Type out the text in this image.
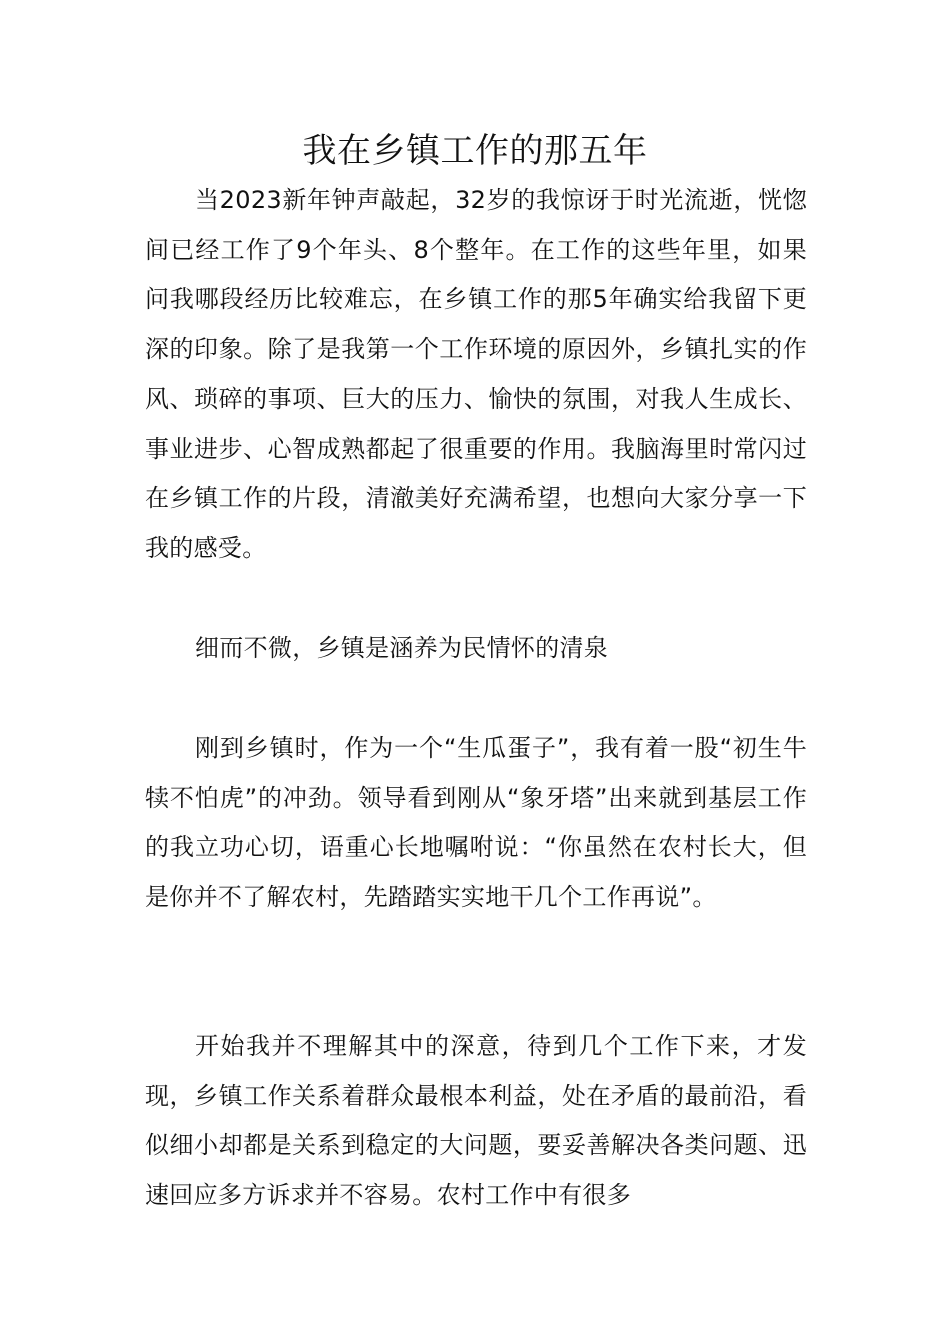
我在乡镇工作的那五年

当2023新年钟声敲起，32岁的我惊讶于时光流逝，恍惚间已经工作了9个年头、8个整年。在工作的这些年里，如果问我哪段经历比较难忘，在乡镇工作的那5年确实给我留下更深的印象。除了是我第一个工作环境的原因外，乡镇扎实的作风、琐碎的事项、巨大的压力、愉快的氛围，对我人生成长、事业进步、心智成熟都起了很重要的作用。我脑海里时常闪过在乡镇工作的片段，清澈美好充满希望，也想向大家分享一下我的感受。

细而不微，乡镇是涵养为民情怀的清泉

刚到乡镇时，作为一个“生瓜蛋子”，我有着一股“初生牛犊不怕虎”的冲劲。领导看到刚从“象牙塔”出来就到基层工作的我立功心切，语重心长地嘱咐说：“你虽然在农村长大，但是你并不了解农村，先踏踏实实地干几个工作再说”。

开始我并不理解其中的深意，待到几个工作下来，才发现，乡镇工作关系着群众最根本利益，处在矛盾的最前沿，看似细小却都是关系到稳定的大问题，要妥善解决各类问题、迅速回应多方诉求并不容易。农村工作中有很多
